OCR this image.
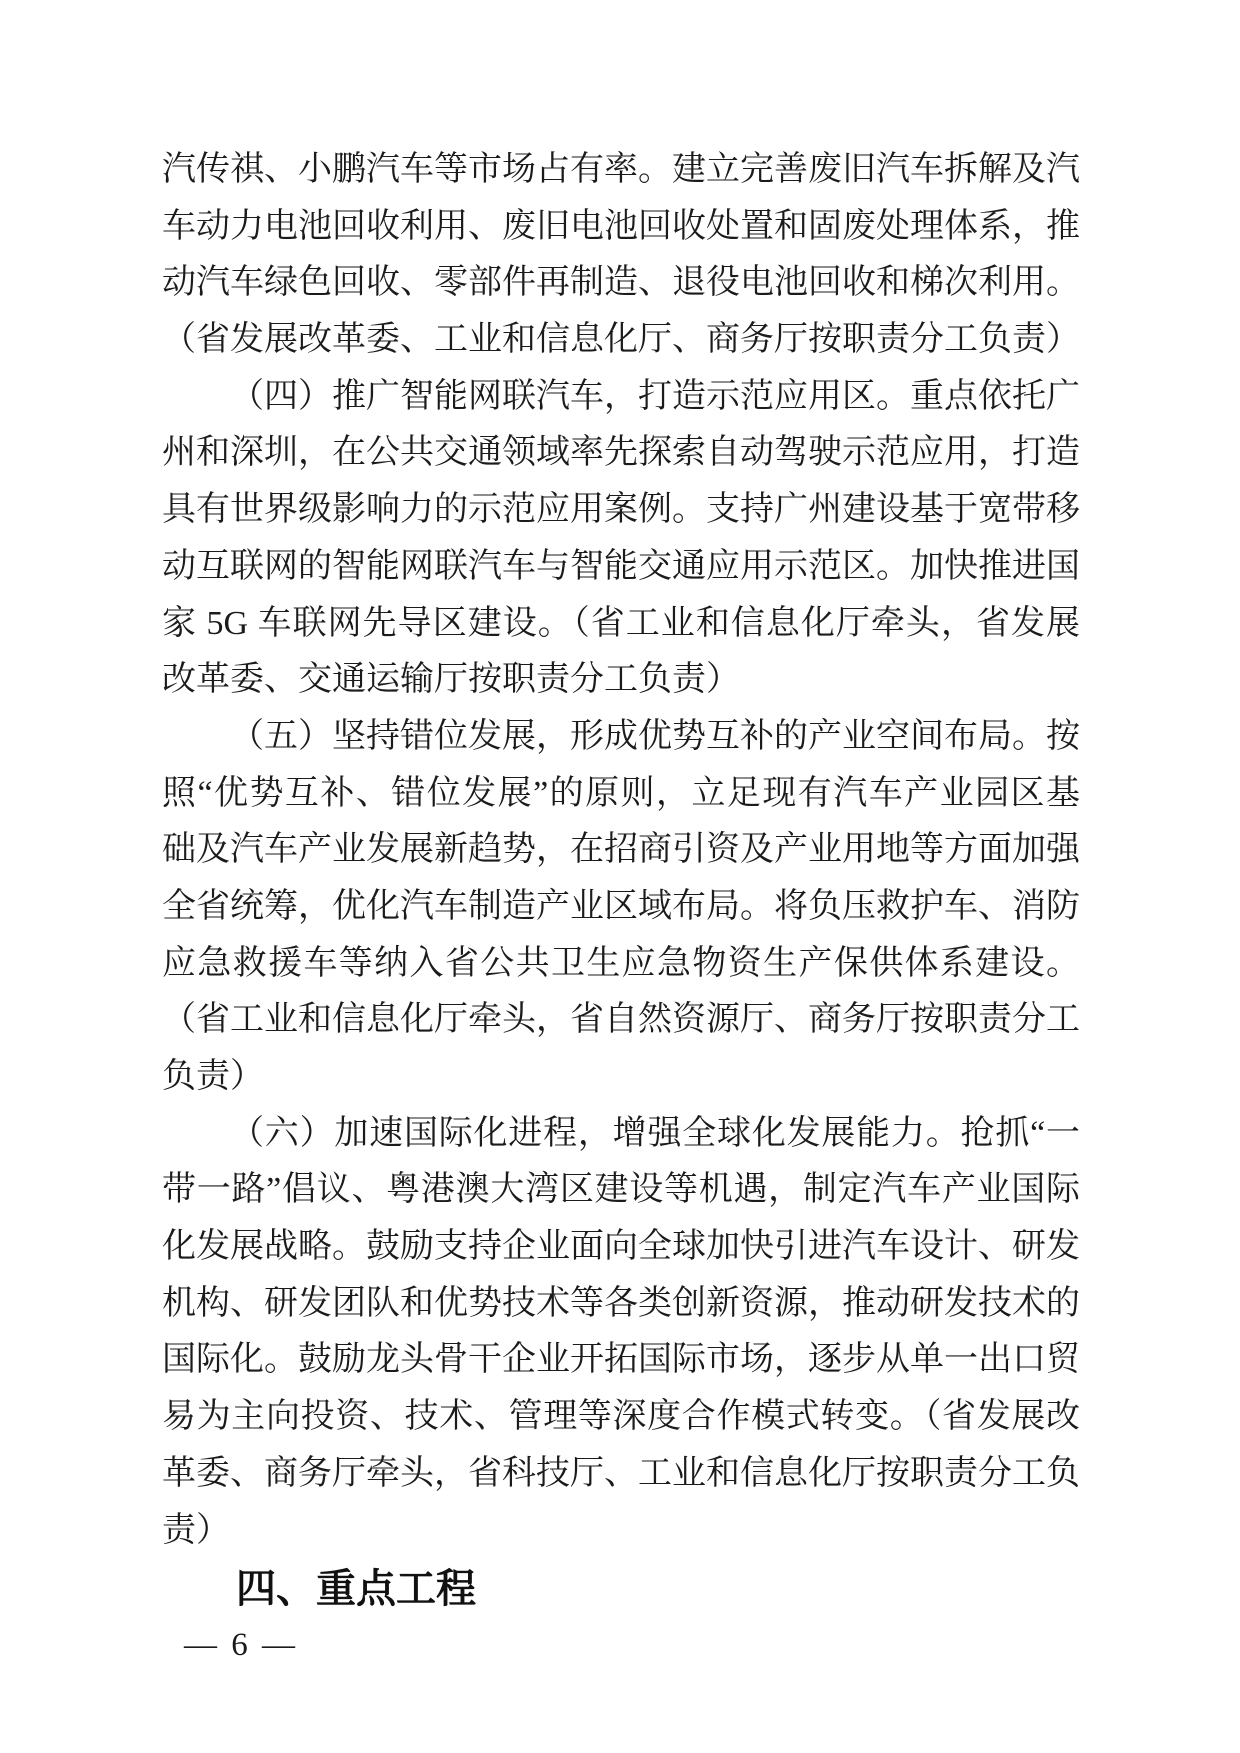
汽传祺、小鹏汽车等市场占有率。建立完善废旧汽车拆解及汽
车动力电池回收利用、废旧电池回收处置和固废处理体系，推
动汽车绿色回收、零部件再制造、退役电池回收和梯次利用。
（省发展改革委、工业和信息化厅、商务厅按职责分工负责）
（四）推广智能网联汽车，打造示范应用区。重点依托广
州和深圳，在公共交通领域率先探索自动驾驶示范应用，打造
具有世界级影响力的示范应用案例。支持广州建设基于宽带移
动互联网的智能网联汽车与智能交通应用示范区。加快推进国
家 5G 车联网先导区建设。（省工业和信息化厅牵头，省发展
改革委、交通运输厅按职责分工负责）
（五）坚持错位发展，形成优势互补的产业空间布局。按
照“优势互补、错位发展”的原则，立足现有汽车产业园区基
础及汽车产业发展新趋势，在招商引资及产业用地等方面加强
全省统筹，优化汽车制造产业区域布局。将负压救护车、消防
应急救援车等纳入省公共卫生应急物资生产保供体系建设。
（省工业和信息化厅牵头，省自然资源厅、商务厅按职责分工
负责）
（六）加速国际化进程，增强全球化发展能力。抢抓“一
带一路”倡议、粤港澳大湾区建设等机遇，制定汽车产业国际
化发展战略。鼓励支持企业面向全球加快引进汽车设计、研发
机构、研发团队和优势技术等各类创新资源，推动研发技术的
国际化。鼓励龙头骨干企业开拓国际市场，逐步从单一出口贸
易为主向投资、技术、管理等深度合作模式转变。（省发展改
革委、商务厅牵头，省科技厅、工业和信息化厅按职责分工负
责）
四、重点工程
— 6 —
